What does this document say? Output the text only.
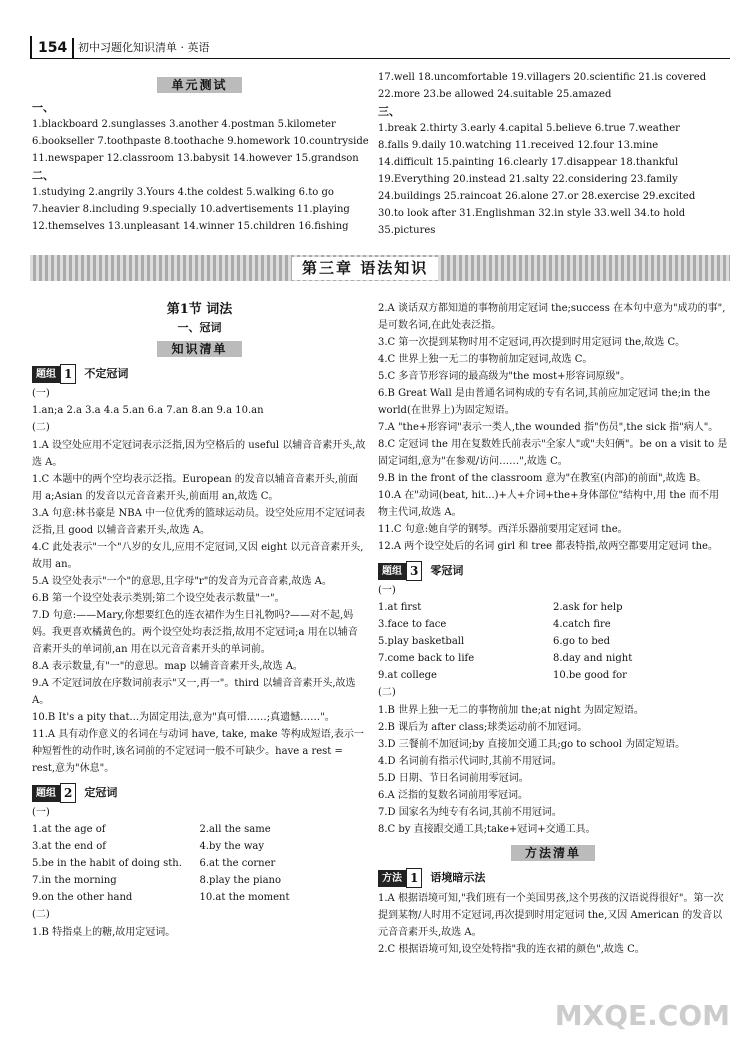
154 初中习题化知识清单 · 英语
单元测试
一、
1.blackboard 2.sunglasses 3.another 4.postman 5.kilometer
6.bookseller 7.toothpaste 8.toothache 9.homework 10.countryside
11.newspaper 12.classroom 13.babysit 14.however 15.grandson
二、
1.studying 2.angrily 3.Yours 4.the coldest 5.walking 6.to go
7.heavier 8.including 9.specially 10.advertisements 11.playing
12.themselves 13.unpleasant 14.winner 15.children 16.fishing
17.well 18.uncomfortable 19.villagers 20.scientific 21.is covered
22.more 23.be allowed 24.suitable 25.amazed
三、
1.break 2.thirty 3.early 4.capital 5.believe 6.true 7.weather
8.falls 9.daily 10.watching 11.received 12.four 13.mine
14.difficult 15.painting 16.clearly 17.disappear 18.thankful
19.Everything 20.instead 21.salty 22.considering 23.family
24.buildings 25.raincoat 26.alone 27.or 28.exercise 29.excited
30.to look after 31.Englishman 32.in style 33.well 34.to hold
35.pictures
第三章 语法知识
第1节 词法
一、冠词
知识清单
题组 1	不定冠词
(一)
1.an;a 2.a 3.a 4.a 5.an 6.a 7.an 8.an 9.a 10.an
(二)
1.A 设空处应用不定冠词表示泛指,因为空格后的 useful 以辅音音素开头,故选 A。
1.C 本题中的两个空均表示泛指。European 的发音以辅音音素开头,前面用 a;Asian 的发音以元音音素开头,前面用 an,故选 C。
3.A 句意:林书豪是 NBA 中一位优秀的篮球运动员。设空处应用不定冠词表泛指,且 good 以辅音音素开头,故选 A。
4.C 此处表示"一个"八岁的女儿,应用不定冠词,又因 eight 以元音音素开头,故用 an。
5.A 设空处表示"一个"的意思,且字母"r"的发音为元音音素,故选 A。
6.B 第一个设空处表示类别;第二个设空处表示数量"一"。
7.D 句意:——Mary,你想要红色的连衣裙作为生日礼物吗?——对不起,妈妈。我更喜欢橘黄色的。两个设空处均表泛指,故用不定冠词;a 用在以辅音音素开头的单词前,an 用在以元音音素开头的单词前。
8.A 表示数量,有"一"的意思。map 以辅音音素开头,故选 A。
9.A 不定冠词放在序数词前表示"又一,再一"。third 以辅音音素开头,故选 A。
10.B It's a pity that...为固定用法,意为"真可惜……;真遗憾……"。
11.A 具有动作意义的名词在与动词 have, take, make 等构成短语,表示一种短暂性的动作时,该名词前的不定冠词一般不可缺少。have a rest = rest,意为"休息"。
题组 2	定冠词
(一)
1.at the age of	2.all the same
3.at the end of	4.by the way
5.be in the habit of doing sth.	6.at the corner
7.in the morning	8.play the piano
9.on the other hand	10.at the moment
(二)
1.B 特指桌上的糖,故用定冠词。
2.A 谈话双方都知道的事物前用定冠词 the;success 在本句中意为"成功的事",是可数名词,在此处表泛指。
3.C 第一次提到某物时用不定冠词,再次提到时用定冠词 the,故选 C。
4.C 世界上独一无二的事物前加定冠词,故选 C。
5.C 多音节形容词的最高级为"the most+形容词原级"。
6.B Great Wall 是由普通名词构成的专有名词,其前应加定冠词 the;in the world(在世界上)为固定短语。
7.A "the+形容词"表示一类人,the wounded 指"伤员",the sick 指"病人"。
8.C 定冠词 the 用在复数姓氏前表示"全家人"或"夫妇俩"。be on a visit to 是固定词组,意为"在参观/访问……",故选 C。
9.B in the front of the classroom 意为"在教室(内部)的前面",故选 B。
10.A 在"动词(beat, hit...)+人+介词+the+身体部位"结构中,用 the 而不用物主代词,故选 A。
11.C 句意:她自学的钢琴。西洋乐器前要用定冠词 the。
12.A 两个设空处后的名词 girl 和 tree 都表特指,故两空都要用定冠词 the。
题组 3	零冠词
(一)
1.at first	2.ask for help
3.face to face	4.catch fire
5.play basketball	6.go to bed
7.come back to life	8.day and night
9.at college	10.be good for
(二)
1.B 世界上独一无二的事物前加 the;at night 为固定短语。
2.B 课后为 after class;球类运动前不加冠词。
3.D 三餐前不加冠词;by 直接加交通工具;go to school 为固定短语。
4.D 名词前有指示代词时,其前不用冠词。
5.D 日期、节日名词前用零冠词。
6.A 泛指的复数名词前用零冠词。
7.D 国家名为纯专有名词,其前不用冠词。
8.C by 直接跟交通工具;take+冠词+交通工具。
方法清单
方法 1	语境暗示法
1.A 根据语境可知,"我们班有一个美国男孩,这个男孩的汉语说得很好"。第一次提到某物/人时用不定冠词,再次提到时用定冠词 the,又因 American 的发音以元音音素开头,故选 A。
2.C 根据语境可知,设空处特指"我的连衣裙的颜色",故选 C。
MXQE.COM
